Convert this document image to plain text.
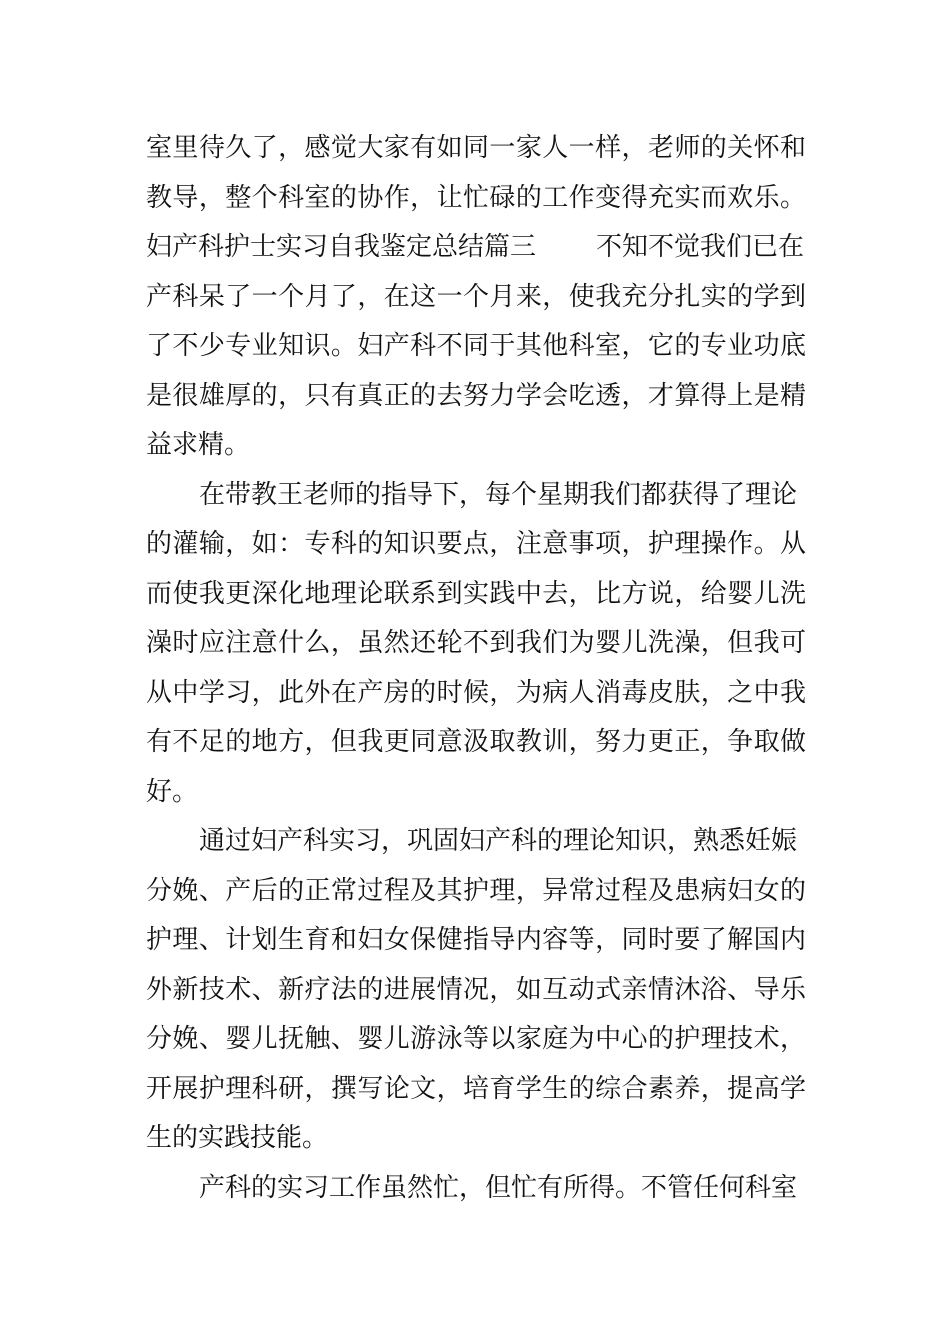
室里待久了，感觉大家有如同一家人一样，老师的关怀和
教导，整个科室的协作，让忙碌的工作变得充实而欢乐。
妇产科护士实习自我鉴定总结篇三 不知不觉我们已在
产科呆了一个月了，在这一个月来，使我充分扎实的学到
了不少专业知识。妇产科不同于其他科室，它的专业功底
是很雄厚的，只有真正的去努力学会吃透，才算得上是精
益求精。
在带教王老师的指导下，每个星期我们都获得了理论
的灌输，如：专科的知识要点，注意事项，护理操作。从
而使我更深化地理论联系到实践中去，比方说，给婴儿洗
澡时应注意什么，虽然还轮不到我们为婴儿洗澡，但我可
从中学习，此外在产房的时候，为病人消毒皮肤，之中我
有不足的地方，但我更同意汲取教训，努力更正，争取做
好。
通过妇产科实习，巩固妇产科的理论知识，熟悉妊娠
分娩、产后的正常过程及其护理，异常过程及患病妇女的
护理、计划生育和妇女保健指导内容等，同时要了解国内
外新技术、新疗法的进展情况，如互动式亲情沐浴、导乐
分娩、婴儿抚触、婴儿游泳等以家庭为中心的护理技术，
开展护理科研，撰写论文，培育学生的综合素养，提高学
生的实践技能。
产科的实习工作虽然忙，但忙有所得。不管任何科室
